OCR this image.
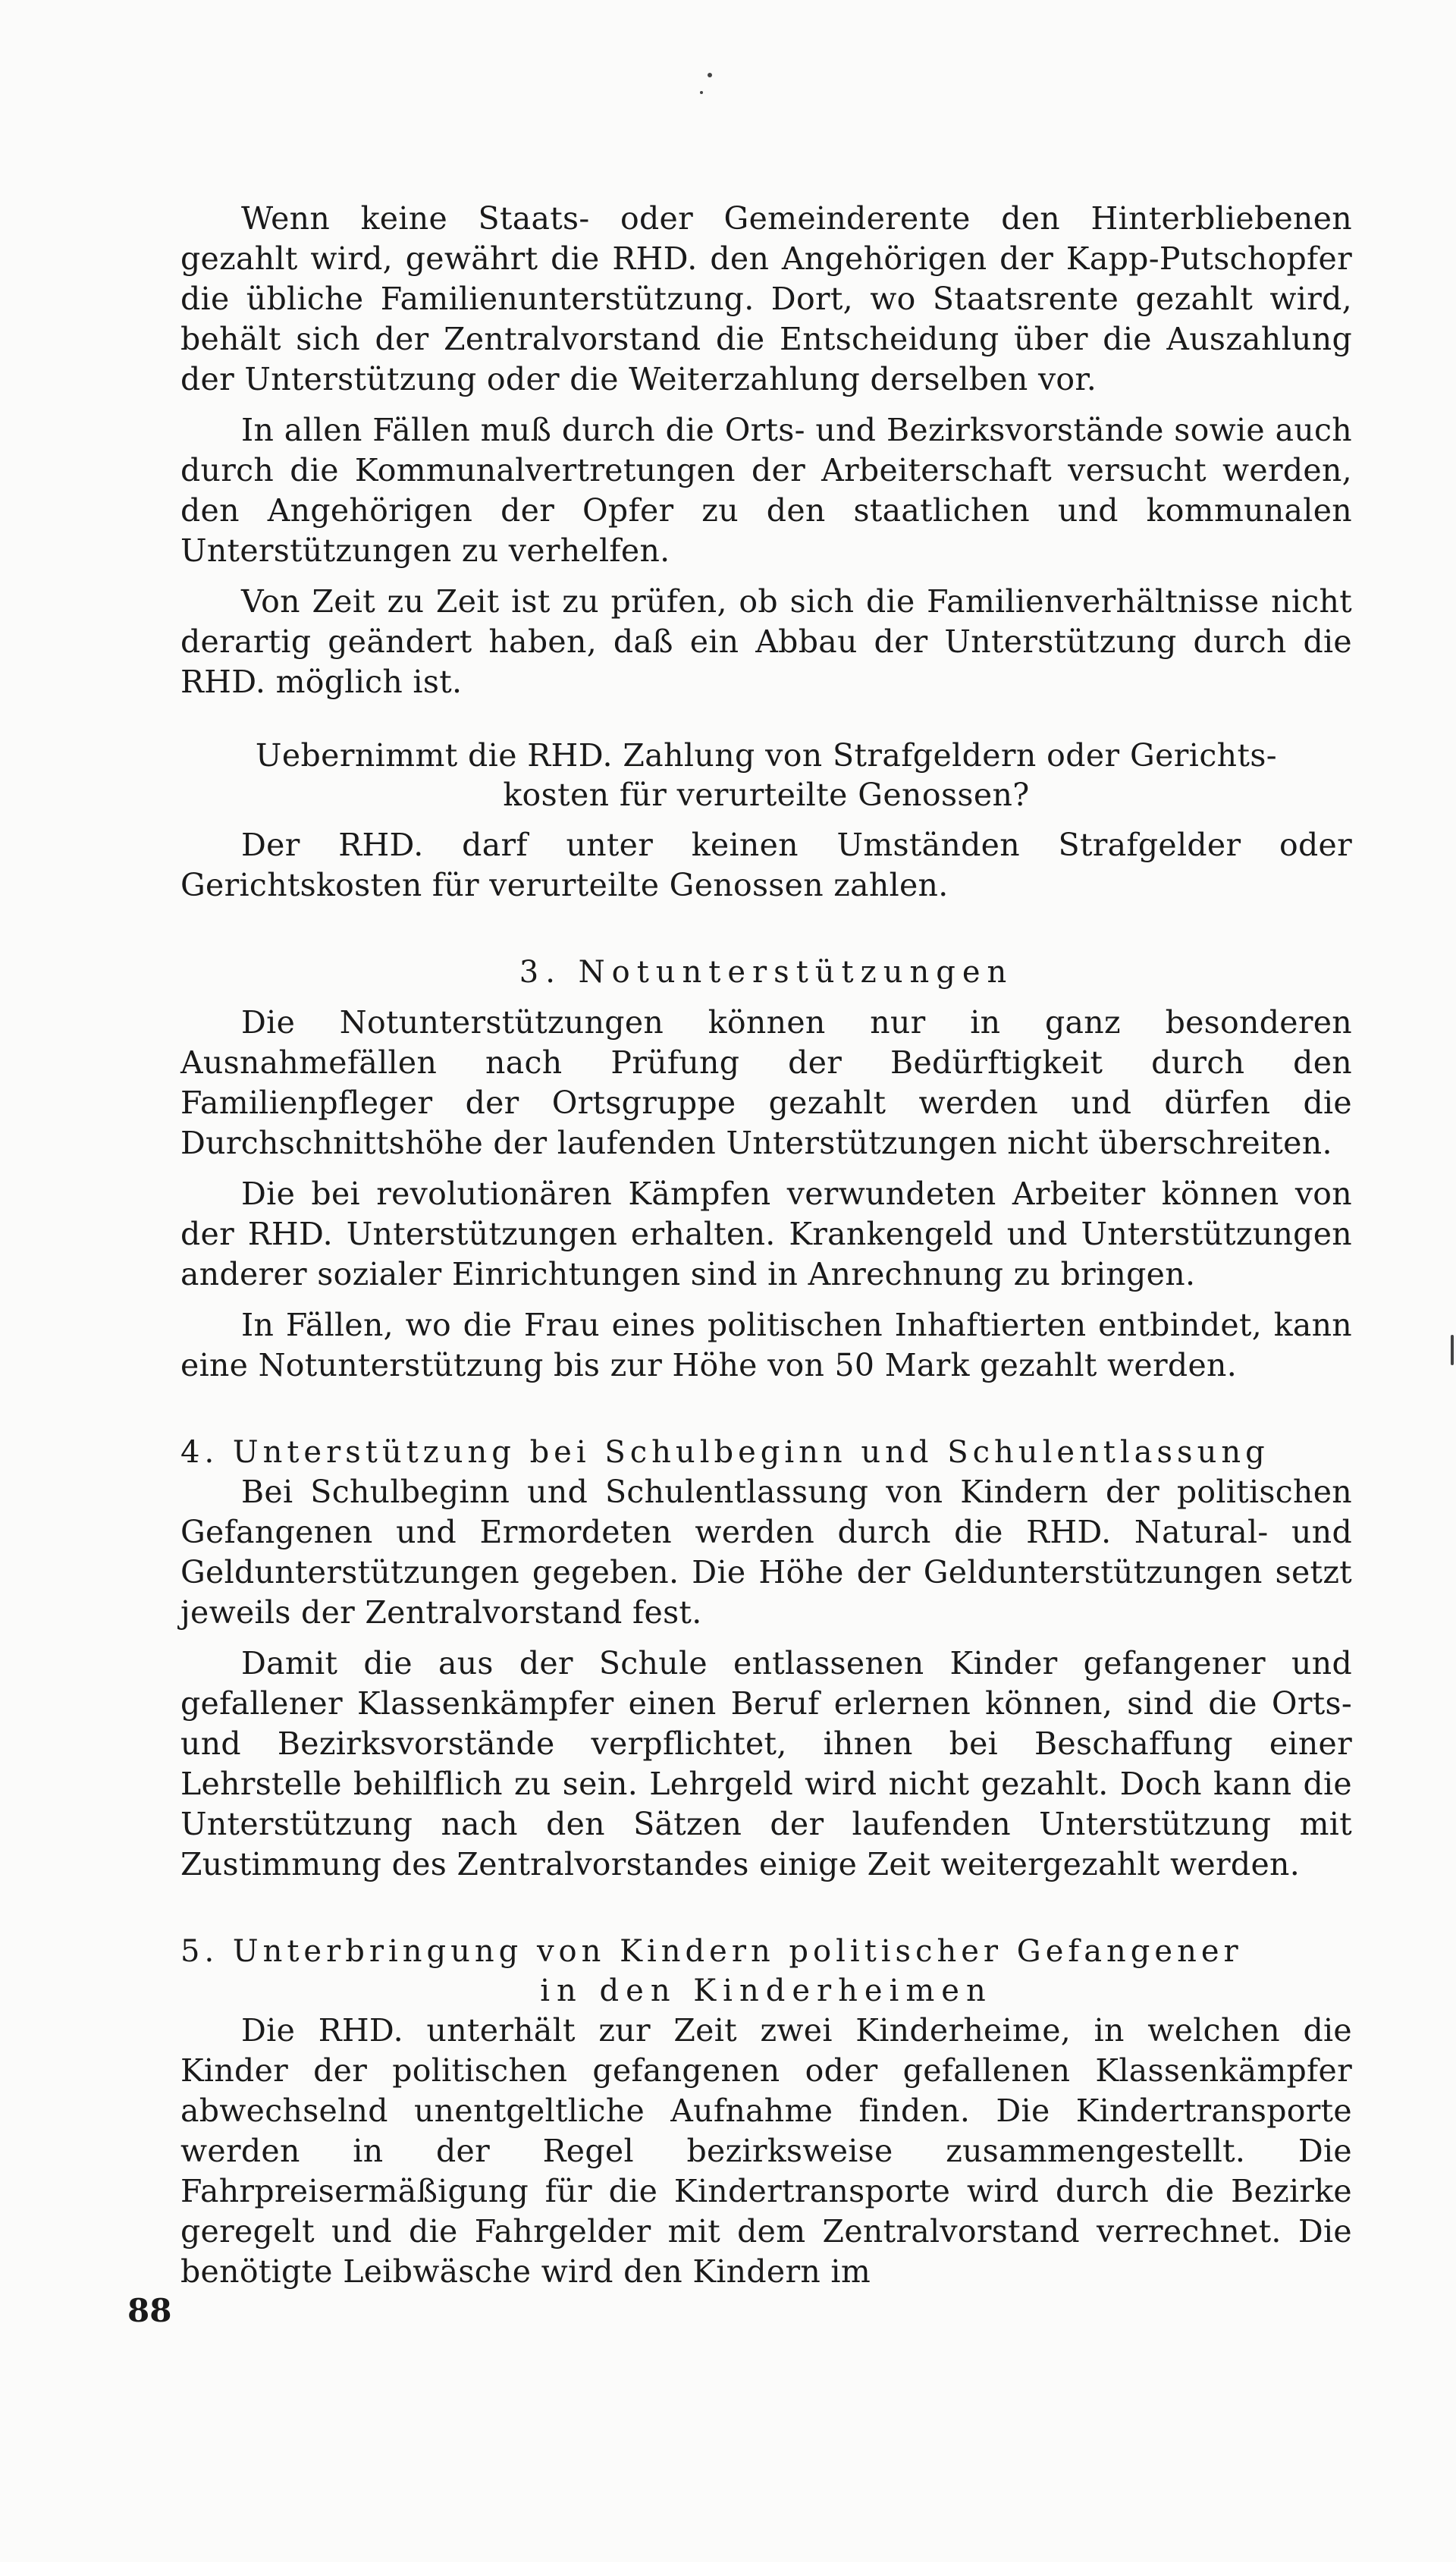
Wenn keine Staats- oder Gemeinderente den Hinterbliebenen gezahlt wird, gewährt die RHD. den Angehörigen der Kapp-Putschopfer die übliche Familienunterstützung. Dort, wo Staatsrente gezahlt wird, behält sich der Zentralvorstand die Entscheidung über die Auszahlung der Unterstützung oder die Weiterzahlung derselben vor.

In allen Fällen muß durch die Orts- und Bezirksvorstände sowie auch durch die Kommunalvertretungen der Arbeiterschaft versucht werden, den Angehörigen der Opfer zu den staatlichen und kommunalen Unterstützungen zu verhelfen.

Von Zeit zu Zeit ist zu prüfen, ob sich die Familienverhältnisse nicht derartig geändert haben, daß ein Abbau der Unterstützung durch die RHD. möglich ist.

Uebernimmt die RHD. Zahlung von Strafgeldern oder Gerichts-

kosten für verurteilte Genossen?

Der RHD. darf unter keinen Umständen Strafgelder oder Gerichtskosten für verurteilte Genossen zahlen.

3. Notunterstützungen

Die Notunterstützungen können nur in ganz besonderen Ausnahmefällen nach Prüfung der Bedürftigkeit durch den Familienpfleger der Ortsgruppe gezahlt werden und dürfen die Durchschnittshöhe der laufenden Unterstützungen nicht überschreiten.

Die bei revolutionären Kämpfen verwundeten Arbeiter können von der RHD. Unterstützungen erhalten. Krankengeld und Unterstützungen anderer sozialer Einrichtungen sind in Anrechnung zu bringen.

In Fällen, wo die Frau eines politischen Inhaftierten entbindet, kann eine Notunterstützung bis zur Höhe von 50 Mark gezahlt werden.

4. Unterstützung bei Schulbeginn und Schulentlassung

Bei Schulbeginn und Schulentlassung von Kindern der politischen Gefangenen und Ermordeten werden durch die RHD. Natural- und Geldunterstützungen gegeben. Die Höhe der Geldunterstützungen setzt jeweils der Zentralvorstand fest.

Damit die aus der Schule entlassenen Kinder gefangener und gefallener Klassenkämpfer einen Beruf erlernen können, sind die Orts- und Bezirksvorstände verpflichtet, ihnen bei Beschaffung einer Lehrstelle behilflich zu sein. Lehrgeld wird nicht gezahlt. Doch kann die Unterstützung nach den Sätzen der laufenden Unterstützung mit Zustimmung des Zentralvorstandes einige Zeit weitergezahlt werden.

5. Unterbringung von Kindern politischer Gefangener

in den Kinderheimen

Die RHD. unterhält zur Zeit zwei Kinderheime, in welchen die Kinder der politischen gefangenen oder gefallenen Klassenkämpfer abwechselnd unentgeltliche Aufnahme finden. Die Kindertransporte werden in der Regel bezirksweise zusammengestellt. Die Fahrpreisermäßigung für die Kindertransporte wird durch die Bezirke geregelt und die Fahrgelder mit dem Zentralvorstand verrechnet. Die benötigte Leibwäsche wird den Kindern im

88
